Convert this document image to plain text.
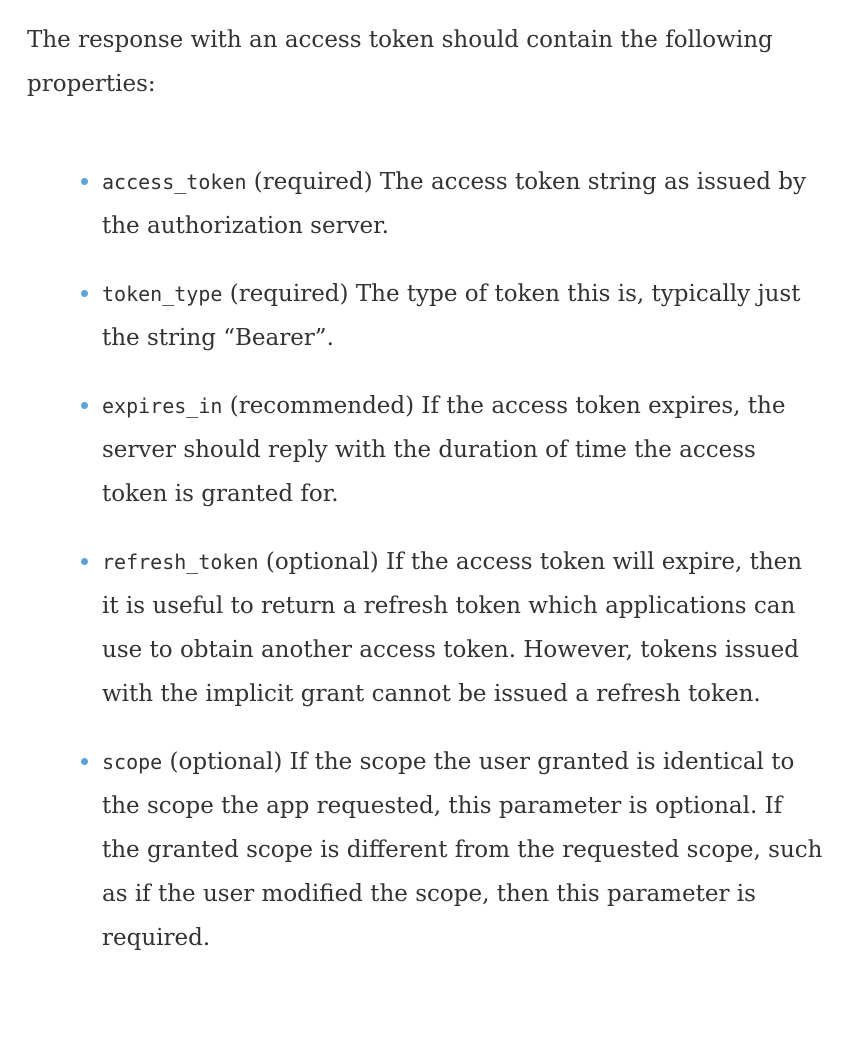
The response with an access token should contain the following properties:

access_token (required) The access token string as issued by the authorization server.
token_type (required) The type of token this is, typically just the string “Bearer”.
expires_in (recommended) If the access token expires, the server should reply with the duration of time the access token is granted for.
refresh_token (optional) If the access token will expire, then it is useful to return a refresh token which applications can use to obtain another access token. However, tokens issued with the implicit grant cannot be issued a refresh token.
scope (optional) If the scope the user granted is identical to the scope the app requested, this parameter is optional. If the granted scope is different from the requested scope, such as if the user modified the scope, then this parameter is required.
